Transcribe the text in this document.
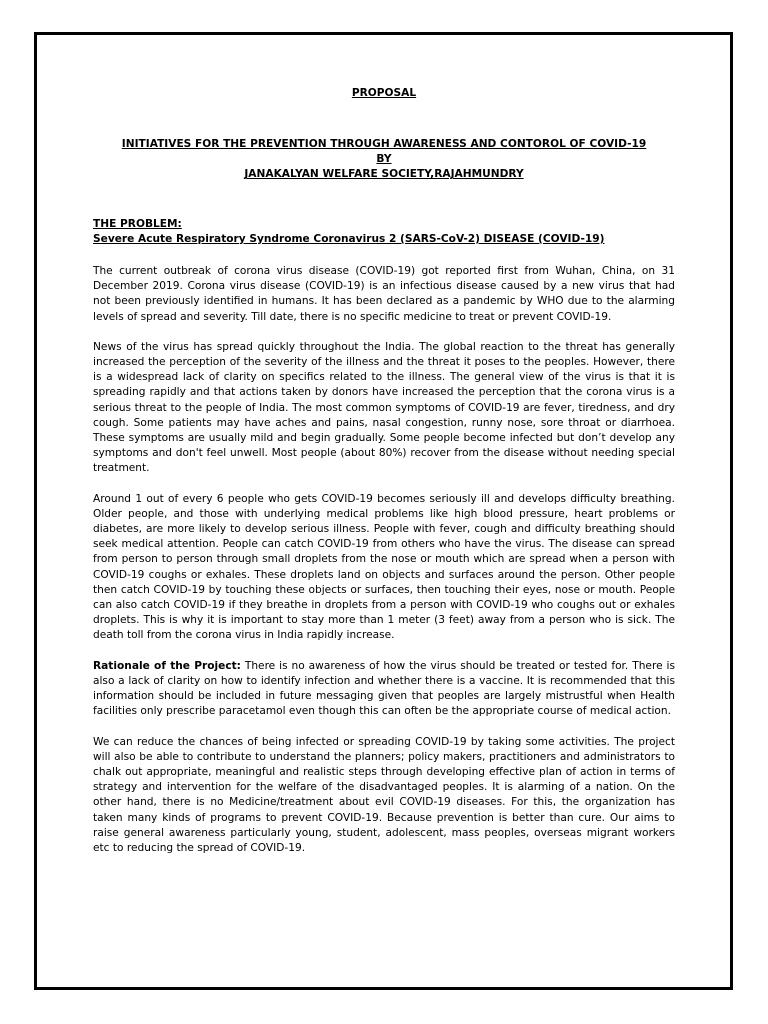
PROPOSAL
INITIATIVES FOR THE PREVENTION THROUGH AWARENESS AND CONTOROL OF COVID-19
BY
JANAKALYAN WELFARE SOCIETY,RAJAHMUNDRY
THE PROBLEM:
Severe Acute Respiratory Syndrome Coronavirus 2 (SARS-CoV-2) DISEASE (COVID-19)

The current outbreak of corona virus disease (COVID-19) got reported first from Wuhan, China, on 31 December 2019. Corona virus disease (COVID-19) is an infectious disease caused by a new virus that had not been previously identified in humans. It has been declared as a pandemic by WHO due to the alarming levels of spread and severity. Till date, there is no specific medicine to treat or prevent COVID-19.

News of the virus has spread quickly throughout the India. The global reaction to the threat has generally increased the perception of the severity of the illness and the threat it poses to the peoples. However, there is a widespread lack of clarity on specifics related to the illness. The general view of the virus is that it is spreading rapidly and that actions taken by donors have increased the perception that the corona virus is a serious threat to the people of India. The most common symptoms of COVID-19 are fever, tiredness, and dry cough. Some patients may have aches and pains, nasal congestion, runny nose, sore throat or diarrhoea. These symptoms are usually mild and begin gradually. Some people become infected but don’t develop any symptoms and don't feel unwell. Most people (about 80%) recover from the disease without needing special treatment.

Around 1 out of every 6 people who gets COVID-19 becomes seriously ill and develops difficulty breathing. Older people, and those with underlying medical problems like high blood pressure, heart problems or diabetes, are more likely to develop serious illness. People with fever, cough and difficulty breathing should seek medical attention. People can catch COVID-19 from others who have the virus. The disease can spread from person to person through small droplets from the nose or mouth which are spread when a person with COVID-19 coughs or exhales. These droplets land on objects and surfaces around the person. Other people then catch COVID-19 by touching these objects or surfaces, then touching their eyes, nose or mouth. People can also catch COVID-19 if they breathe in droplets from a person with COVID-19 who coughs out or exhales droplets. This is why it is important to stay more than 1 meter (3 feet) away from a person who is sick. The death toll from the corona virus in India rapidly increase.

Rationale of the Project: There is no awareness of how the virus should be treated or tested for. There is also a lack of clarity on how to identify infection and whether there is a vaccine. It is recommended that this information should be included in future messaging given that peoples are largely mistrustful when Health facilities only prescribe paracetamol even though this can often be the appropriate course of medical action.

We can reduce the chances of being infected or spreading COVID-19 by taking some activities. The project will also be able to contribute to understand the planners; policy makers, practitioners and administrators to chalk out appropriate, meaningful and realistic steps through developing effective plan of action in terms of strategy and intervention for the welfare of the disadvantaged peoples. It is alarming of a nation. On the other hand, there is no Medicine/treatment about evil COVID-19 diseases. For this, the organization has taken many kinds of programs to prevent COVID-19. Because prevention is better than cure. Our aims to raise general awareness particularly young, student, adolescent, mass peoples, overseas migrant workers etc to reducing the spread of COVID-19.
